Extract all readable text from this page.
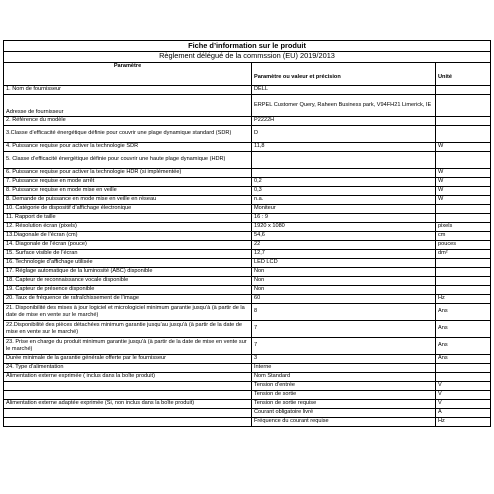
Fiche d’information sur le produit		
Règlement délégué de la commssion (EU) 2019/2013		
Paramètre	Paramètre ou valeur et précision	Unité
1. Nom de fournisseur	DELL	
Adresse de fournisseur	ERPEL Customer Query, Raheen Business park, V94FH21 Limerick, IE	
2. Référence du modèle	P2222H	
3.Classe d’efficacité énergétique définie pour couvrir une plage dynamique standard (SDR)	D	
4. Puissance requise pour activer la technologie SDR	11,8	W
5. Classe d’efficacité énergétique définie pour couvrir une haute plage dynamique (HDR)		
6. Puissance requise pour activer la technologie HDR (si implémentée)		W
7. Puissance requise en mode arrêt	0,2	W
8. Puissance requise en mode mise en veille	0,3	W
8. Demande de puissance en mode mise en veille en réseau	n.a.	W
10. Catégorie de dispositif d’affichage électronique	Moniteur	
11. Rapport de taille	16 : 9	
12. Résolution écran (pixels)	1920 x 1080	pixels
13.Diagonale de l’écran (cm)	54,6	cm
14. Diagonale de l’écran (pouce)	22	pouces
15. Surface visible de l’écran	12,7	dm²
16. Technologie d’affichage utilisée	LED LCD	
17. Réglage automatique de la luminosité (ABC) disponible	Non	
18. Capteur de reconnaissance vocale disponible	Non	
19. Capteur de présence disponible	Non	
20. Taux de fréquence de rafraîchissement de l’image	60	Hz
21. Disponibilité des mises à jour logiciel et micrologiciel minimum garantie jusqu’à (à partir de la date de mise en vente sur le marché)	8	Ans
22.Disponibilité des pièces détachées minimum garantie jusqu’au jusqu’à (à partir de la date de mise en vente sur le marché)	7	Ans
23. Prise en charge du produit minimum garantie jusqu’à (à partir de la date de mise en vente sur le marché)	7	Ans
Durée minimale de la garantie générale offerte par le fournisseur	3	Ans
24. Type d’alimentation	Interne	
Alimentation externe exprimée ( inclus dans la boîte produit)	Nom Standard	
	Tension d’entrée	V
	Tension de sortie	V
Alimentation externe adaptée exprimée (Si, non inclus dans la boîte produit)	Tension de sortie requise	V
	Courant obligatoire livré	A
	Fréquence du courant requise	Hz
